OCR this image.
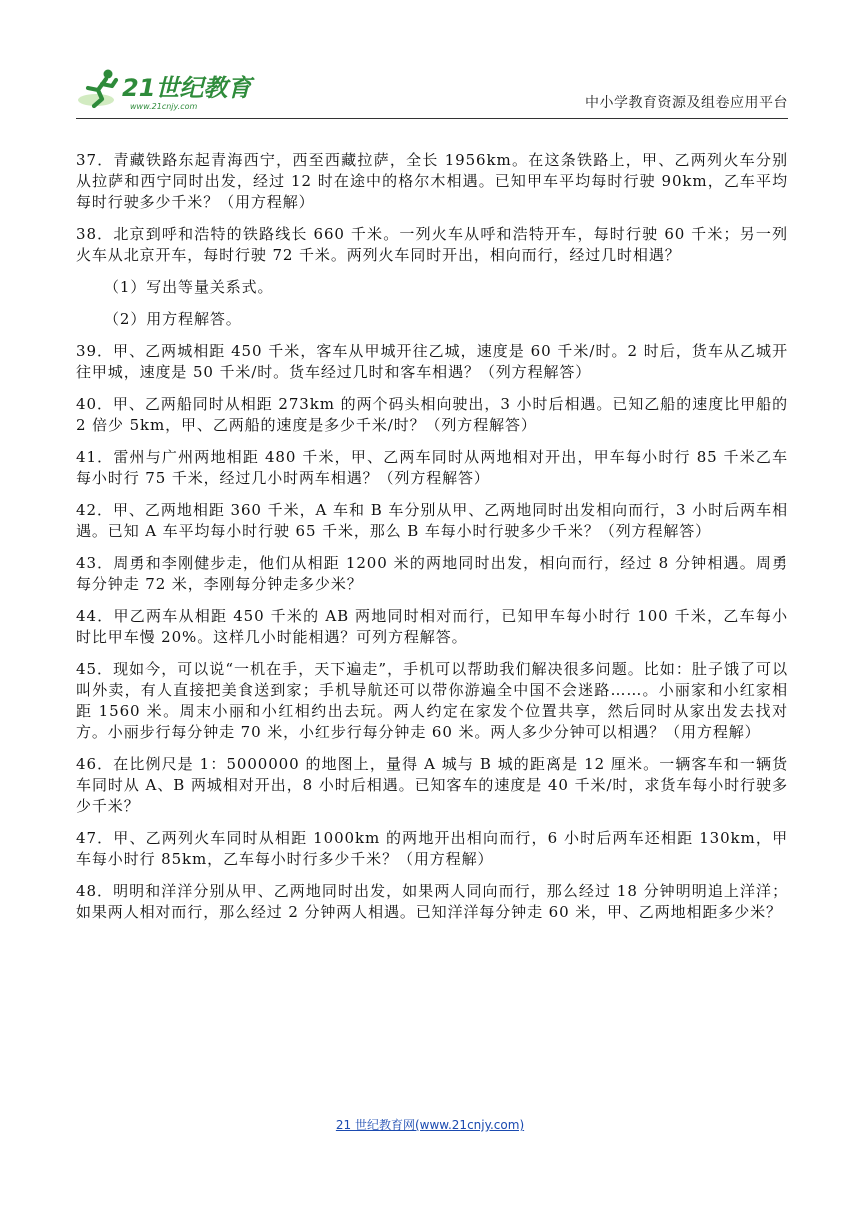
21世纪教育
www.21cnjy.com	中小学教育资源及组卷应用平台

37．青藏铁路东起青海西宁，西至西藏拉萨，全长 1956km。在这条铁路上，甲、乙两列火车分别从拉萨和西宁同时出发，经过 12 时在途中的格尔木相遇。已知甲车平均每时行驶 90km，乙车平均每时行驶多少千米？（用方程解）

38．北京到呼和浩特的铁路线长 660 千米。一列火车从呼和浩特开车，每时行驶 60 千米；另一列火车从北京开车，每时行驶 72 千米。两列火车同时开出，相向而行，经过几时相遇？

（1）写出等量关系式。

（2）用方程解答。

39．甲、乙两城相距 450 千米，客车从甲城开往乙城，速度是 60 千米/时。2 时后，货车从乙城开往甲城，速度是 50 千米/时。货车经过几时和客车相遇？（列方程解答）

40．甲、乙两船同时从相距 273km 的两个码头相向驶出，3 小时后相遇。已知乙船的速度比甲船的 2 倍少 5km，甲、乙两船的速度是多少千米/时？（列方程解答）

41．雷州与广州两地相距 480 千米，甲、乙两车同时从两地相对开出，甲车每小时行 85 千米乙车每小时行 75 千米，经过几小时两车相遇？（列方程解答）

42．甲、乙两地相距 360 千米，A 车和 B 车分别从甲、乙两地同时出发相向而行，3 小时后两车相遇。已知 A 车平均每小时行驶 65 千米，那么 B 车每小时行驶多少千米？（列方程解答）

43．周勇和李刚健步走，他们从相距 1200 米的两地同时出发，相向而行，经过 8 分钟相遇。周勇每分钟走 72 米，李刚每分钟走多少米？

44．甲乙两车从相距 450 千米的 AB 两地同时相对而行，已知甲车每小时行 100 千米，乙车每小时比甲车慢 20%。这样几小时能相遇？可列方程解答。

45．现如今，可以说“一机在手，天下遍走”，手机可以帮助我们解决很多问题。比如：肚子饿了可以叫外卖，有人直接把美食送到家；手机导航还可以带你游遍全中国不会迷路……。小丽家和小红家相距 1560 米。周末小丽和小红相约出去玩。两人约定在家发个位置共享，然后同时从家出发去找对方。小丽步行每分钟走 70 米，小红步行每分钟走 60 米。两人多少分钟可以相遇？（用方程解）

46．在比例尺是 1：5000000 的地图上，量得 A 城与 B 城的距离是 12 厘米。一辆客车和一辆货车同时从 A、B 两城相对开出，8 小时后相遇。已知客车的速度是 40 千米/时，求货车每小时行驶多少千米？

47．甲、乙两列火车同时从相距 1000km 的两地开出相向而行，6 小时后两车还相距 130km，甲车每小时行 85km，乙车每小时行多少千米？（用方程解）

48．明明和洋洋分别从甲、乙两地同时出发，如果两人同向而行，那么经过 18 分钟明明追上洋洋；如果两人相对而行，那么经过 2 分钟两人相遇。已知洋洋每分钟走 60 米，甲、乙两地相距多少米？

21 世纪教育网(www.21cnjy.com)
